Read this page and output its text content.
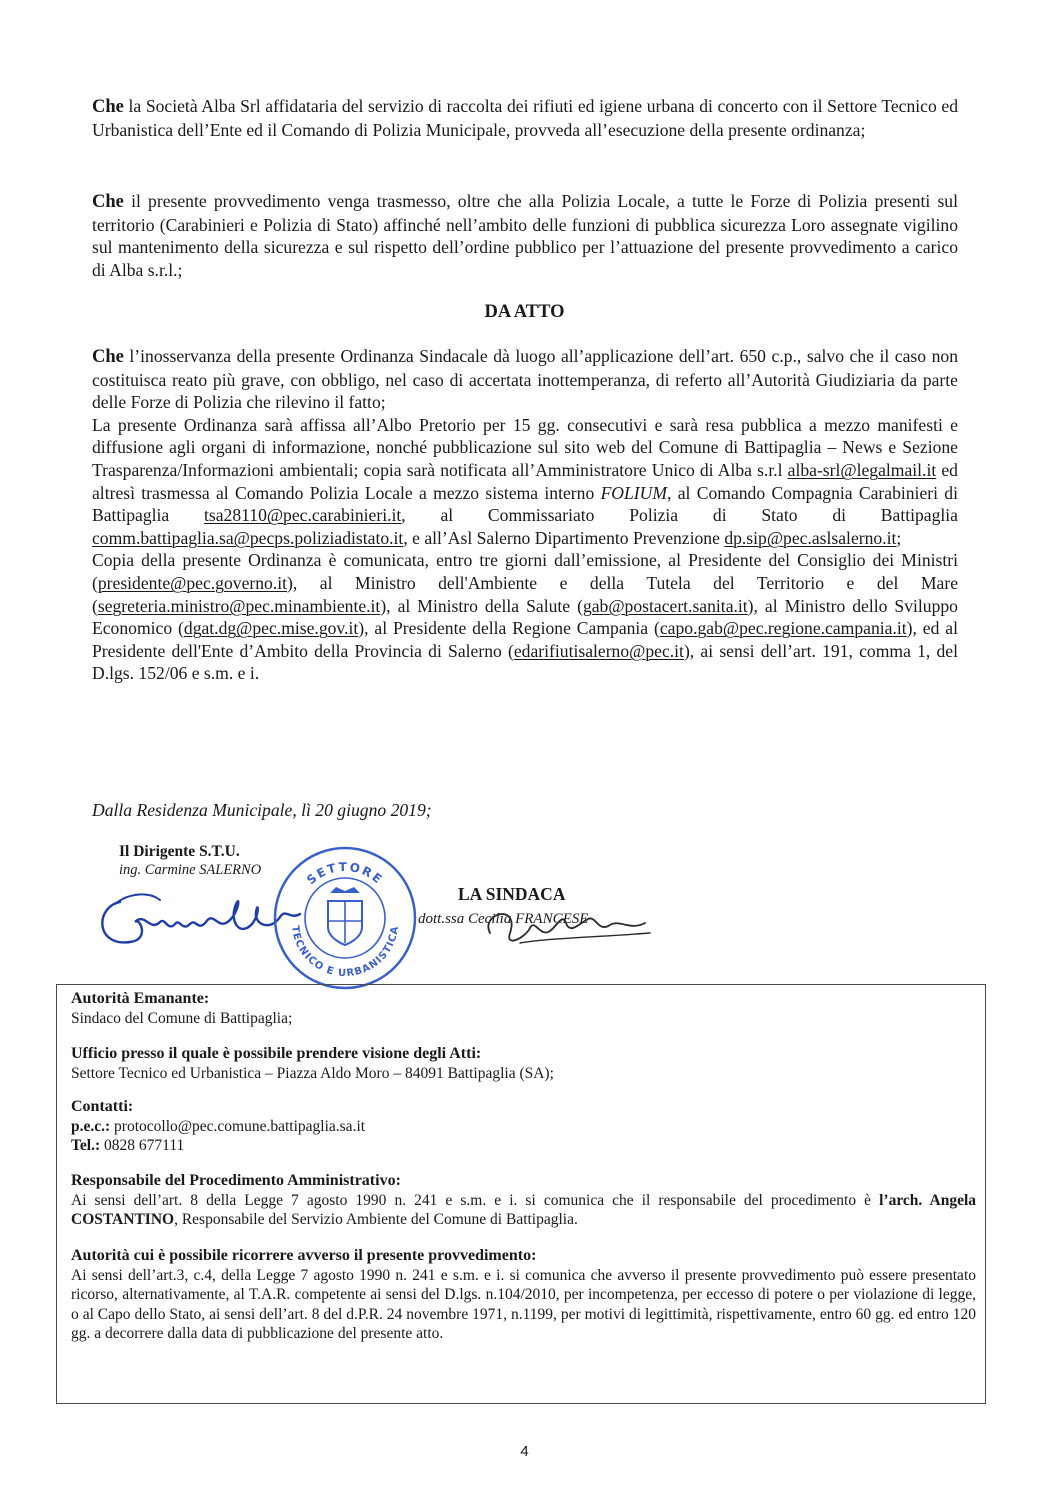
Che la Società Alba Srl affidataria del servizio di raccolta dei rifiuti ed igiene urbana di concerto con il Settore Tecnico ed Urbanistica dell’Ente ed il Comando di Polizia Municipale, provveda all’esecuzione della presente ordinanza;

Che il presente provvedimento venga trasmesso, oltre che alla Polizia Locale, a tutte le Forze di Polizia presenti sul territorio (Carabinieri e Polizia di Stato) affinché nell’ambito delle funzioni di pubblica sicurezza Loro assegnate vigilino sul mantenimento della sicurezza e sul rispetto dell’ordine pubblico per l’attuazione del presente provvedimento a carico di Alba s.r.l.;

DA ATTO

Che l’inosservanza della presente Ordinanza Sindacale dà luogo all’applicazione dell’art. 650 c.p., salvo che il caso non costituisca reato più grave, con obbligo, nel caso di accertata inottemperanza, di referto all’Autorità Giudiziaria da parte delle Forze di Polizia che rilevino il fatto;

La presente Ordinanza sarà affissa all’Albo Pretorio per 15 gg. consecutivi e sarà resa pubblica a mezzo manifesti e diffusione agli organi di informazione, nonché pubblicazione sul sito web del Comune di Battipaglia – News e Sezione Trasparenza/Informazioni ambientali; copia sarà notificata all’Amministratore Unico di Alba s.r.l alba-srl@legalmail.it ed altresì trasmessa al Comando Polizia Locale a mezzo sistema interno FOLIUM, al Comando Compagnia Carabinieri di Battipaglia tsa28110@pec.carabinieri.it, al Commissariato Polizia di Stato di Battipaglia comm.battipaglia.sa@pecps.poliziadistato.it, e all’Asl Salerno Dipartimento Prevenzione dp.sip@pec.aslsalerno.it;

Copia della presente Ordinanza è comunicata, entro tre giorni dall’emissione, al Presidente del Consiglio dei Ministri (presidente@pec.governo.it), al Ministro dell'Ambiente e della Tutela del Territorio e del Mare (segreteria.ministro@pec.minambiente.it), al Ministro della Salute (gab@postacert.sanita.it), al Ministro dello Sviluppo Economico (dgat.dg@pec.mise.gov.it), al Presidente della Regione Campania (capo.gab@pec.regione.campania.it), ed al Presidente dell'Ente d’Ambito della Provincia di Salerno (edarifiutisalerno@pec.it), ai sensi dell’art. 191, comma 1, del D.lgs. 152/06 e s.m. e i.

Dalla Residenza Municipale, lì 20 giugno 2019;
Il Dirigente S.T.U.
ing. Carmine SALERNO	SETTORE
TECNICO E URBANISTICA
LA SINDACA
dott.ssa Cecilia FRANCESE

Autorità Emanante:

Sindaco del Comune di Battipaglia;

Ufficio presso il quale è possibile prendere visione degli Atti:

Settore Tecnico ed Urbanistica – Piazza Aldo Moro – 84091 Battipaglia (SA);

Contatti:

p.e.c.: protocollo@pec.comune.battipaglia.sa.it

Tel.: 0828 677111

Responsabile del Procedimento Amministrativo:

Ai sensi dell’art. 8 della Legge 7 agosto 1990 n. 241 e s.m. e i. si comunica che il responsabile del procedimento è l’arch. Angela COSTANTINO, Responsabile del Servizio Ambiente del Comune di Battipaglia.

Autorità cui è possibile ricorrere avverso il presente provvedimento:

Ai sensi dell’art.3, c.4, della Legge 7 agosto 1990 n. 241 e s.m. e i. si comunica che avverso il presente provvedimento può essere presentato ricorso, alternativamente, al T.A.R. competente ai sensi del D.lgs. n.104/2010, per incompetenza, per eccesso di potere o per violazione di legge, o al Capo dello Stato, ai sensi dell’art. 8 del d.P.R. 24 novembre 1971, n.1199, per motivi di legittimità, rispettivamente, entro 60 gg. ed entro 120 gg. a decorrere dalla data di pubblicazione del presente atto.

4
